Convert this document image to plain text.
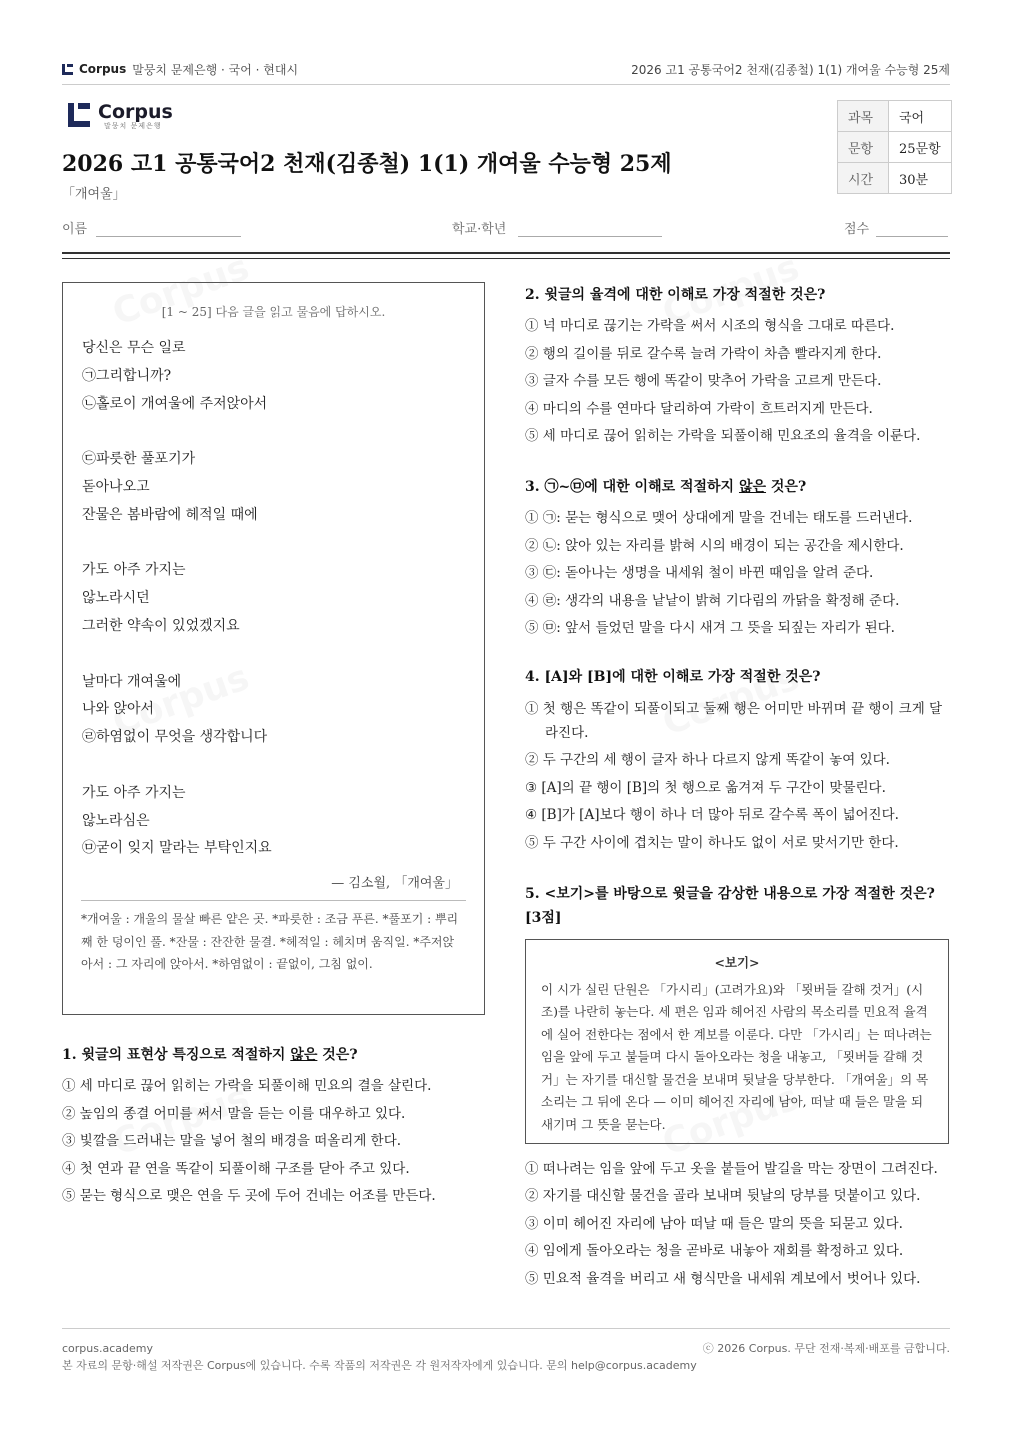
Corpus 말뭉치 문제은행 · 국어 · 현대시	2026 고1 공통국어2 천재(김종철) 1(1) 개여울 수능형 25제
Corpus
말뭉치 문제은행
2026 고1 공통국어2 천재(김종철) 1(1) 개여울 수능형 25제
「개여울」
과목	국어
문항	25문항
시간	30분
이름	학교·학년	점수
[1 ~ 25] 다음 글을 읽고 물음에 답하시오.
당신은 무슨 일로
㉠그리합니까?
㉡홀로이 개여울에 주저앉아서
㉢파릇한 풀포기가
돋아나오고
잔물은 봄바람에 헤적일 때에
가도 아주 가지는
않노라시던
그러한 약속이 있었겠지요
날마다 개여울에
나와 앉아서
㉣하염없이 무엇을 생각합니다
가도 아주 가지는
않노라심은
㉤굳이 잊지 말라는 부탁인지요
— 김소월, 「개여울」
*개여울 : 개울의 물살 빠른 얕은 곳. *파릇한 : 조금 푸른. *풀포기 : 뿌리째 한 덩이인 풀. *잔물 : 잔잔한 물결. *헤적일 : 헤치며 움직일. *주저앉아서 : 그 자리에 앉아서. *하염없이 : 끝없이, 그침 없이.
1. 윗글의 표현상 특징으로 적절하지 않은 것은?
① 세 마디로 끊어 읽히는 가락을 되풀이해 민요의 결을 살린다.
② 높임의 종결 어미를 써서 말을 듣는 이를 대우하고 있다.
③ 빛깔을 드러내는 말을 넣어 철의 배경을 떠올리게 한다.
④ 첫 연과 끝 연을 똑같이 되풀이해 구조를 닫아 주고 있다.
⑤ 묻는 형식으로 맺은 연을 두 곳에 두어 건네는 어조를 만든다.
2. 윗글의 율격에 대한 이해로 가장 적절한 것은?
① 넉 마디로 끊기는 가락을 써서 시조의 형식을 그대로 따른다.
② 행의 길이를 뒤로 갈수록 늘려 가락이 차츰 빨라지게 한다.
③ 글자 수를 모든 행에 똑같이 맞추어 가락을 고르게 만든다.
④ 마디의 수를 연마다 달리하여 가락이 흐트러지게 만든다.
⑤ 세 마디로 끊어 읽히는 가락을 되풀이해 민요조의 율격을 이룬다.
3. ㉠~㉤에 대한 이해로 적절하지 않은 것은?
① ㉠: 묻는 형식으로 맺어 상대에게 말을 건네는 태도를 드러낸다.
② ㉡: 앉아 있는 자리를 밝혀 시의 배경이 되는 공간을 제시한다.
③ ㉢: 돋아나는 생명을 내세워 철이 바뀐 때임을 알려 준다.
④ ㉣: 생각의 내용을 낱낱이 밝혀 기다림의 까닭을 확정해 준다.
⑤ ㉤: 앞서 들었던 말을 다시 새겨 그 뜻을 되짚는 자리가 된다.
4. [A]와 [B]에 대한 이해로 가장 적절한 것은?
① 첫 행은 똑같이 되풀이되고 둘째 행은 어미만 바뀌며 끝 행이 크게 달라진다.
② 두 구간의 세 행이 글자 하나 다르지 않게 똑같이 놓여 있다.
③ [A]의 끝 행이 [B]의 첫 행으로 옮겨져 두 구간이 맞물린다.
④ [B]가 [A]보다 행이 하나 더 많아 뒤로 갈수록 폭이 넓어진다.
⑤ 두 구간 사이에 겹치는 말이 하나도 없이 서로 맞서기만 한다.
5. <보기>를 바탕으로 윗글을 감상한 내용으로 가장 적절한 것은? [3점]
<보기>
이 시가 실린 단원은 「가시리」(고려가요)와 「묏버들 갈해 것거」(시조)를 나란히 놓는다. 세 편은 임과 헤어진 사람의 목소리를 민요적 율격에 실어 전한다는 점에서 한 계보를 이룬다. 다만 「가시리」는 떠나려는 임을 앞에 두고 붙들며 다시 돌아오라는 청을 내놓고, 「묏버들 갈해 것거」는 자기를 대신할 물건을 보내며 뒷날을 당부한다. 「개여울」의 목소리는 그 뒤에 온다 — 이미 헤어진 자리에 남아, 떠날 때 들은 말을 되새기며 그 뜻을 묻는다.
① 떠나려는 임을 앞에 두고 옷을 붙들어 발길을 막는 장면이 그려진다.
② 자기를 대신할 물건을 골라 보내며 뒷날의 당부를 덧붙이고 있다.
③ 이미 헤어진 자리에 남아 떠날 때 들은 말의 뜻을 되묻고 있다.
④ 임에게 돌아오라는 청을 곧바로 내놓아 재회를 확정하고 있다.
⑤ 민요적 율격을 버리고 새 형식만을 내세워 계보에서 벗어나 있다.
corpus.academy	ⓒ 2026 Corpus. 무단 전재·복제·배포를 금합니다.
본 자료의 문항·해설 저작권은 Corpus에 있습니다. 수록 작품의 저작권은 각 원저작자에게 있습니다. 문의 help@corpus.academy
